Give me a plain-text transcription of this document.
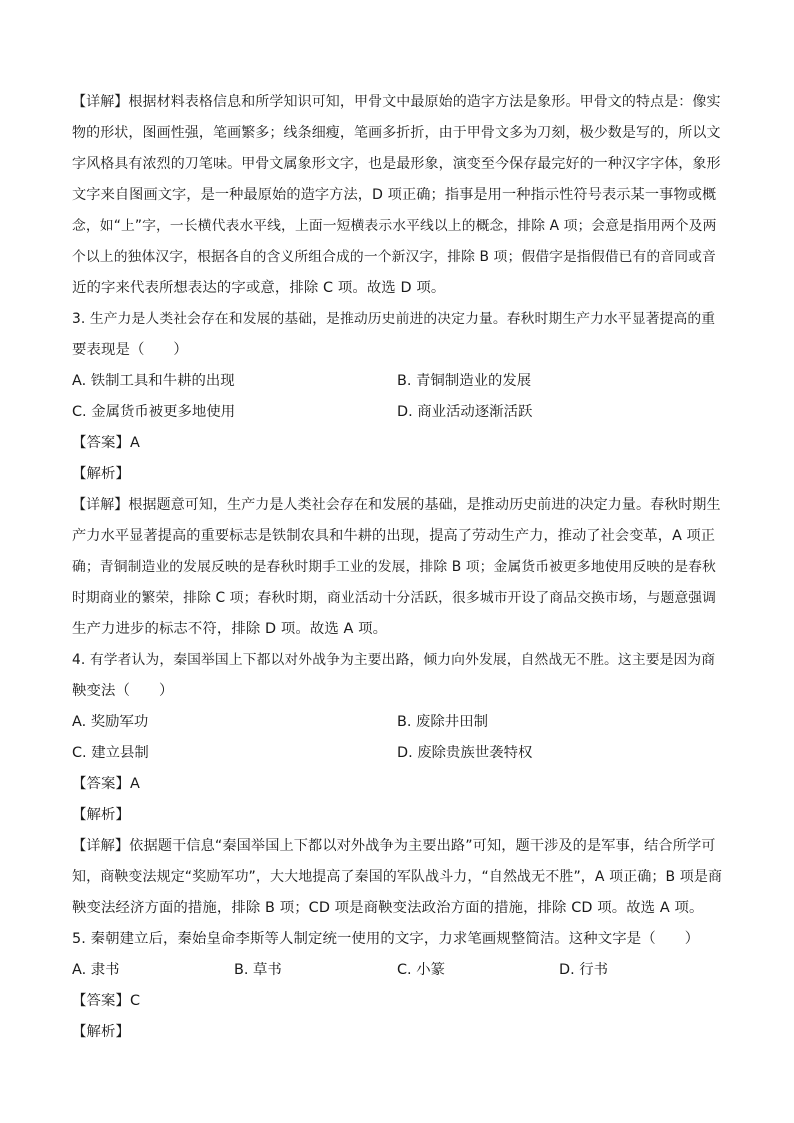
【详解】根据材料表格信息和所学知识可知，甲骨文中最原始的造字方法是象形。甲骨文的特点是：像实
物的形状，图画性强，笔画繁多；线条细瘦，笔画多折折，由于甲骨文多为刀刻，极少数是写的，所以文
字风格具有浓烈的刀笔味。甲骨文属象形文字，也是最形象，演变至今保存最完好的一种汉字字体，象形
文字来自图画文字，是一种最原始的造字方法，D 项正确；指事是用一种指示性符号表示某一事物或概
念，如“上”字，一长横代表水平线，上面一短横表示水平线以上的概念，排除 A 项；会意是指用两个及两
个以上的独体汉字，根据各自的含义所组合成的一个新汉字，排除 B 项；假借字是指假借已有的音同或音
近的字来代表所想表达的字或意，排除 C 项。故选 D 项。
3. 生产力是人类社会存在和发展的基础，是推动历史前进的决定力量。春秋时期生产力水平显著提高的重
要表现是（　　）
A. 铁制工具和牛耕的出现	B. 青铜制造业的发展
C. 金属货币被更多地使用	D. 商业活动逐渐活跃
【答案】A
【解析】
【详解】根据题意可知，生产力是人类社会存在和发展的基础，是推动历史前进的决定力量。春秋时期生
产力水平显著提高的重要标志是铁制农具和牛耕的出现，提高了劳动生产力，推动了社会变革，A 项正
确；青铜制造业的发展反映的是春秋时期手工业的发展，排除 B 项；金属货币被更多地使用反映的是春秋
时期商业的繁荣，排除 C 项；春秋时期，商业活动十分活跃，很多城市开设了商品交换市场，与题意强调
生产力进步的标志不符，排除 D 项。故选 A 项。
4. 有学者认为，秦国举国上下都以对外战争为主要出路，倾力向外发展，自然战无不胜。这主要是因为商
鞅变法（　　）
A. 奖励军功	B. 废除井田制
C. 建立县制	D. 废除贵族世袭特权
【答案】A
【解析】
【详解】依据题干信息“秦国举国上下都以对外战争为主要出路”可知，题干涉及的是军事，结合所学可
知，商鞅变法规定“奖励军功”，大大地提高了秦国的军队战斗力，“自然战无不胜”，A 项正确；B 项是商
鞅变法经济方面的措施，排除 B 项；CD 项是商鞅变法政治方面的措施，排除 CD 项。故选 A 项。
5. 秦朝建立后，秦始皇命李斯等人制定统一使用的文字，力求笔画规整简洁。这种文字是（　　）
A. 隶书	B. 草书	C. 小篆	D. 行书
【答案】C
【解析】
